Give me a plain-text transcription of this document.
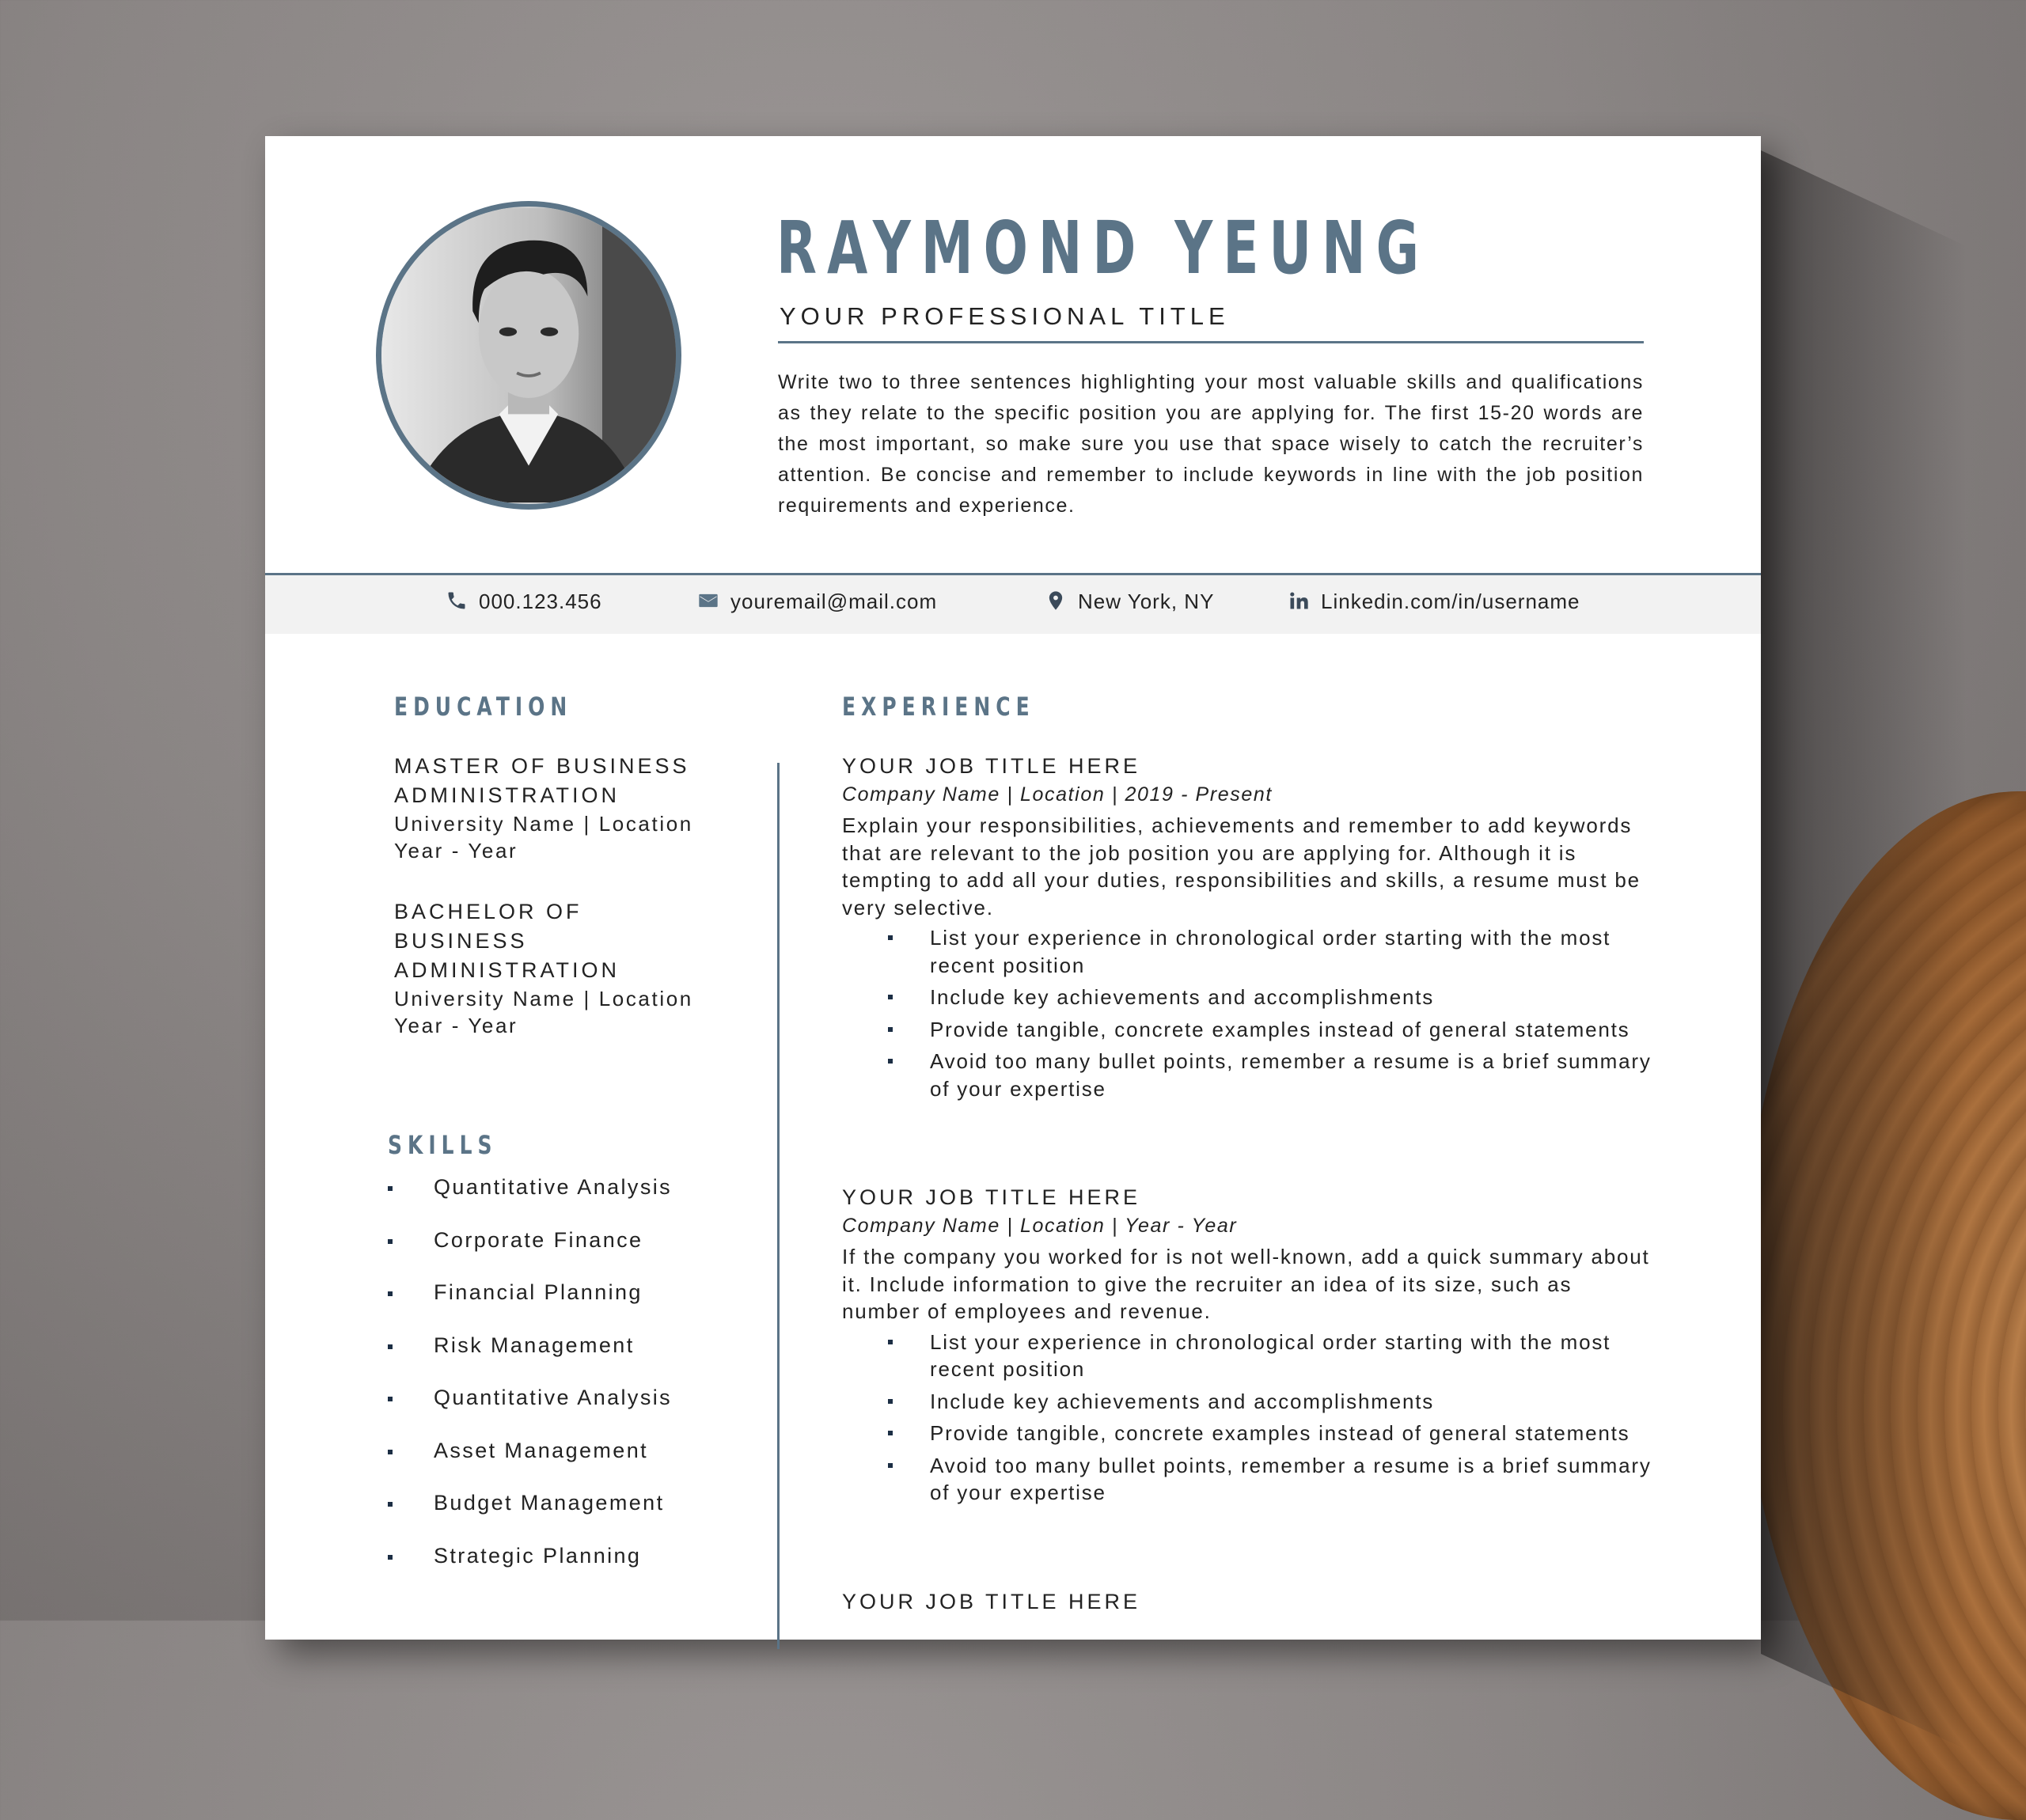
RAYMOND YEUNG
YOUR PROFESSIONAL TITLE
Write two to three sentences highlighting your most valuable skills and qualifications as they relate to the specific position you are applying for. The first 15-20 words are the most important, so make sure you use that space wisely to catch the recruiter’s attention. Be concise and remember to include keywords in line with the job position requirements and experience.
000.123.456	youremail@mail.com	New York, NY	Linkedin.com/in/username
EDUCATION
MASTER OF BUSINESS ADMINISTRATION
University Name | Location
Year - Year
BACHELOR OF BUSINESS ADMINISTRATION
University Name | Location
Year - Year
SKILLS
Quantitative Analysis
Corporate Finance
Financial Planning
Risk Management
Quantitative Analysis
Asset Management
Budget Management
Strategic Planning
EXPERIENCE
YOUR JOB TITLE HERE
Company Name | Location | 2019 - Present
Explain your responsibilities, achievements and remember to add keywords that are relevant to the job position you are applying for. Although it is tempting to add all your duties, responsibilities and skills, a resume must be very selective.
List your experience in chronological order starting with the most recent position
Include key achievements and accomplishments
Provide tangible, concrete examples instead of general statements
Avoid too many bullet points, remember a resume is a brief summary of your expertise
YOUR JOB TITLE HERE
Company Name | Location | Year - Year
If the company you worked for is not well-known, add a quick summary about it. Include information to give the recruiter an idea of its size, such as number of employees and revenue.
List your experience in chronological order starting with the most recent position
Include key achievements and accomplishments
Provide tangible, concrete examples instead of general statements
Avoid too many bullet points, remember a resume is a brief summary of your expertise
YOUR JOB TITLE HERE
